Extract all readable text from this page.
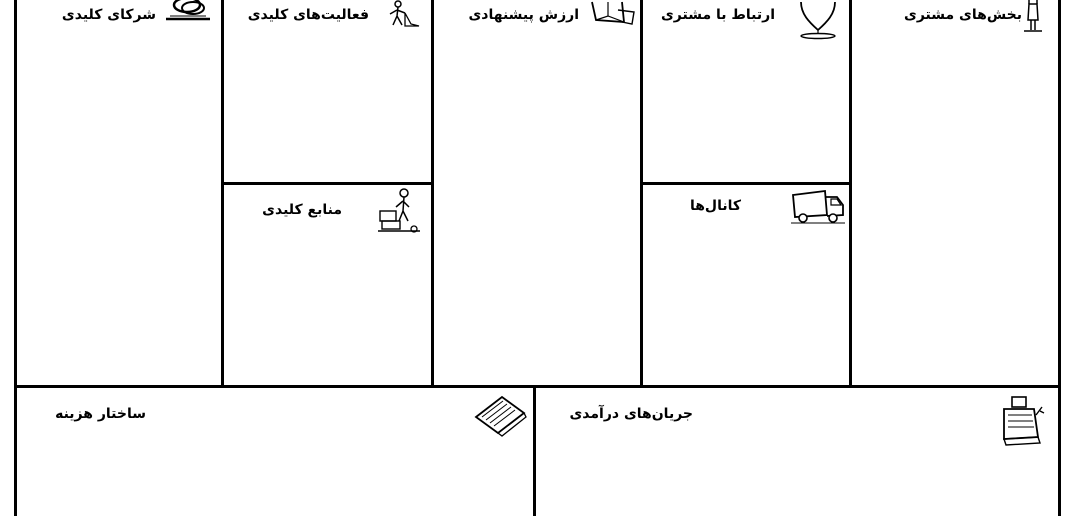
شرکای کلیدی	فعالیت‌های کلیدی
منابع کلیدی
ارزش پیشنهادی	ارتباط با مشتری
کانال‌ها
بخش‌های مشتری
ساختار هزینه	جریان‌های درآمدی
